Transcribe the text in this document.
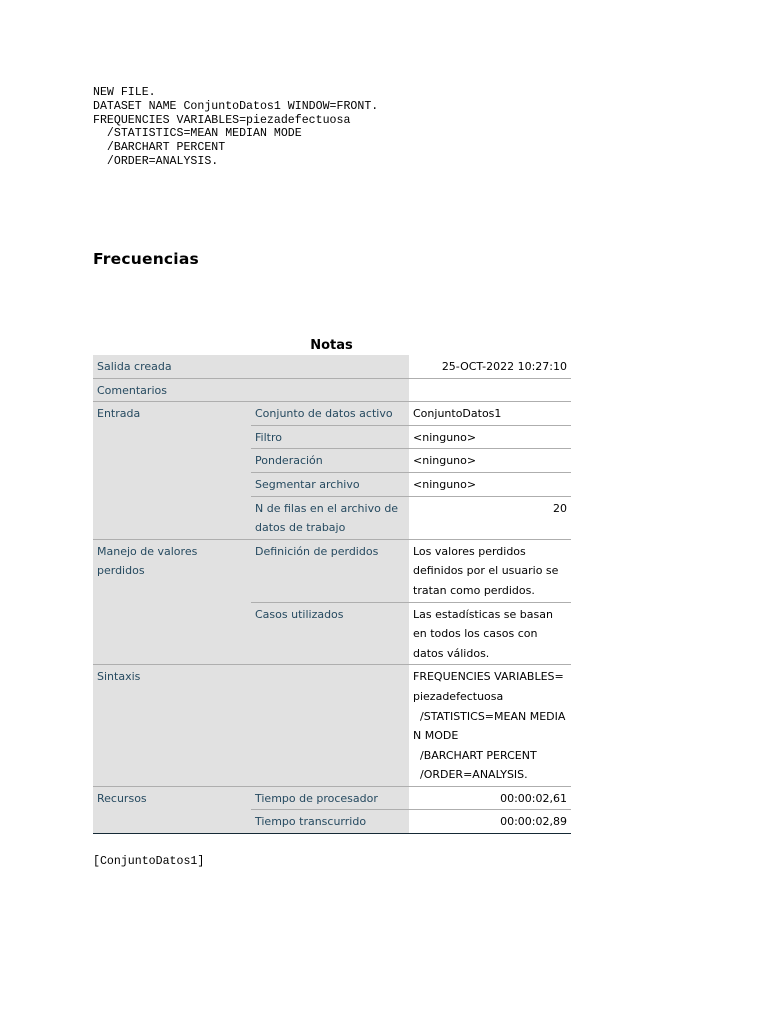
NEW FILE.
DATASET NAME ConjuntoDatos1 WINDOW=FRONT.
FREQUENCIES VARIABLES=piezadefectuosa
/STATISTICS=MEAN MEDIAN MODE
/BARCHART PERCENT
/ORDER=ANALYSIS.
Frecuencias
Notas
Salida creada		25-OCT-2022 10:27:10
Comentarios		
Entrada	Conjunto de datos activo	ConjuntoDatos1
	Filtro	<ninguno>
	Ponderación	<ninguno>
	Segmentar archivo	<ninguno>
	N de filas en el archivo de datos de trabajo	20
Manejo de valores perdidos	Definición de perdidos	Los valores perdidos definidos por el usuario se tratan como perdidos.
	Casos utilizados	Las estadísticas se basan en todos los casos con datos válidos.
Sintaxis		FREQUENCIES VARIABLES=piezadefectuosa
/STATISTICS=MEAN MEDIAN MODE
/BARCHART PERCENT
/ORDER=ANALYSIS.
Recursos	Tiempo de procesador	00:00:02,61
	Tiempo transcurrido	00:00:02,89
[ConjuntoDatos1]
